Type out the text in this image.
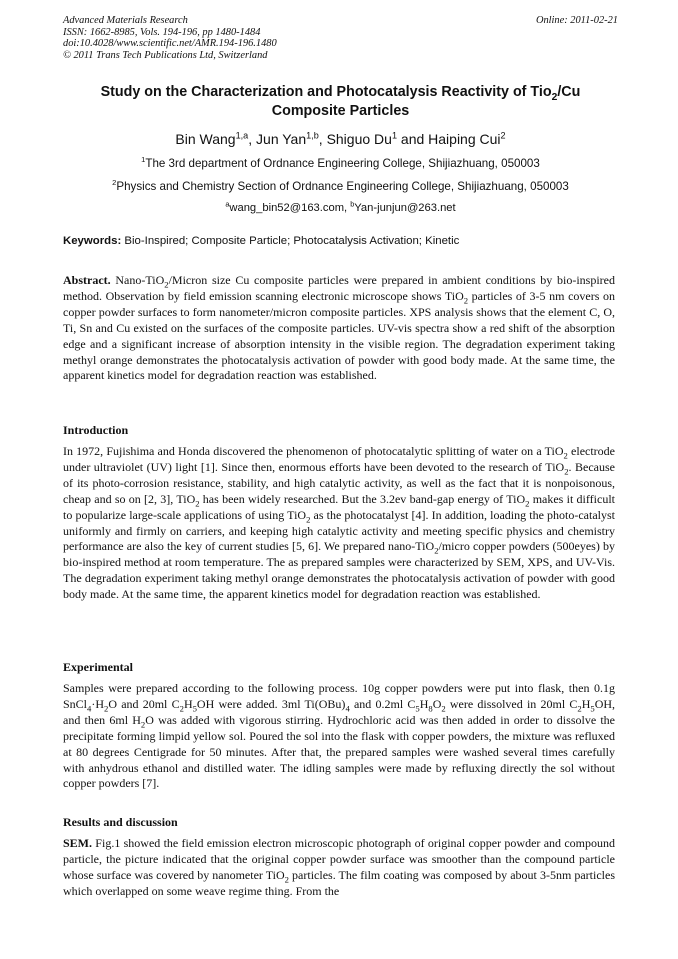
Advanced Materials Research	Online: 2011-02-21
ISSN: 1662-8985, Vols. 194-196, pp 1480-1484
doi:10.4028/www.scientific.net/AMR.194-196.1480
© 2011 Trans Tech Publications Ltd, Switzerland
Study on the Characterization and Photocatalysis Reactivity of Tio$_2$/Cu
Composite Particles
Bin Wang$^{1,a}$, Jun Yan$^{1,b}$, Shiguo Du$^1$ and Haiping Cui$^2$
$^1$The 3rd department of Ordnance Engineering College, Shijiazhuang, 050003
$^2$Physics and Chemistry Section of Ordnance Engineering College, Shijiazhuang, 050003
$^a$wang_bin52@163.com, $^b$Yan-junjun@263.net
Keywords: Bio-Inspired; Composite Particle; Photocatalysis Activation; Kinetic
Abstract. Nano-TiO$_2$/Micron size Cu composite particles were prepared in ambient conditions by bio-inspired method. Observation by field emission scanning electronic microscope shows TiO$_2$ particles of 3-5 nm covers on copper powder surfaces to form nanometer/micron composite particles. XPS analysis shows that the element C, O, Ti, Sn and Cu existed on the surfaces of the composite particles. UV-vis spectra show a red shift of the absorption edge and a significant increase of absorption intensity in the visible region. The degradation experiment taking methyl orange demonstrates the photocatalysis activation of powder with good body made. At the same time, the apparent kinetics model for degradation reaction was established.
Introduction
In 1972, Fujishima and Honda discovered the phenomenon of photocatalytic splitting of water on a TiO$_2$ electrode under ultraviolet (UV) light [1]. Since then, enormous efforts have been devoted to the research of TiO$_2$. Because of its photo-corrosion resistance, stability, and high catalytic activity, as well as the fact that it is nonpoisonous, cheap and so on [2, 3], TiO$_2$ has been widely researched. But the 3.2ev band-gap energy of TiO$_2$ makes it difficult to popularize large-scale applications of using TiO$_2$ as the photocatalyst [4]. In addition, loading the photo-catalyst uniformly and firmly on carriers, and keeping high catalytic activity and meeting specific physics and chemistry performance are also the key of current studies [5, 6]. We prepared nano-TiO$_2$/micro copper powders (500eyes) by bio-inspired method at room temperature. The as prepared samples were characterized by SEM, XPS, and UV-Vis. The degradation experiment taking methyl orange demonstrates the photocatalysis activation of powder with good body made. At the same time, the apparent kinetics model for degradation reaction was established.
Experimental
Samples were prepared according to the following process. 10g copper powders were put into flask, then 0.1g $SnCl_4\cdot H_2O$ and 20ml $C_2H_5OH$ were added. 3ml $Ti(OBu)_4$ and 0.2ml $C_5H_8O_2$ were dissolved in 20ml $C_2H_5OH$, and then 6ml $H_2O$ was added with vigorous stirring. Hydrochloric acid was then added in order to dissolve the precipitate forming limpid yellow sol. Poured the sol into the flask with copper powders, the mixture was refluxed at 80 degrees Centigrade for 50 minutes. After that, the prepared samples were washed several times carefully with anhydrous ethanol and distilled water. The idling samples were made by refluxing directly the sol without copper powders [7].
Results and discussion
SEM. Fig.1 showed the field emission electron microscopic photograph of original copper powder and compound particle, the picture indicated that the original copper powder surface was smoother than the compound particle whose surface was covered by nanometer TiO$_2$ particles. The film coating was composed by about 3-5nm particles which overlapped on some weave regime thing. From the
